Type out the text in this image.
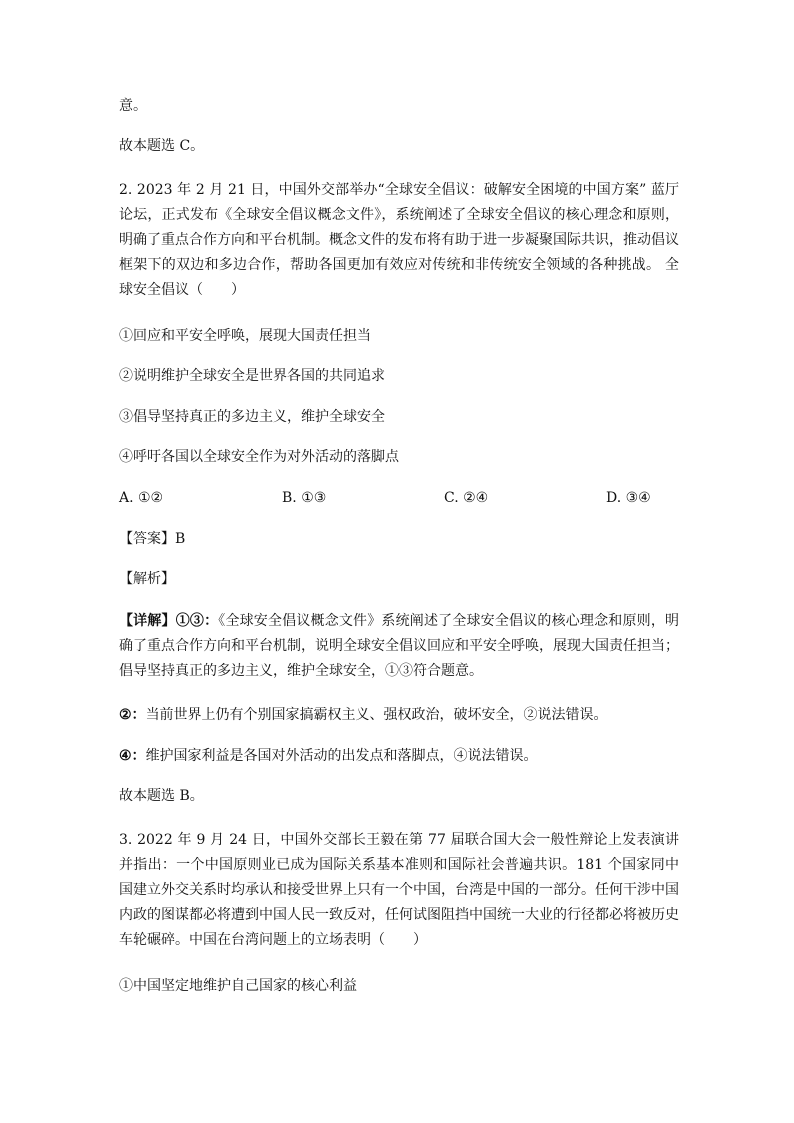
意。
故本题选 C。
2. 2023 年 2 月 21 日，中国外交部举办“全球安全倡议：破解安全困境的中国方案” 蓝厅论坛，正式发布《全球安全倡议概念文件》，系统阐述了全球安全倡议的核心理念和原则，明确了重点合作方向和平台机制。概念文件的发布将有助于进一步凝聚国际共识，推动倡议框架下的双边和多边合作，帮助各国更加有效应对传统和非传统安全领域的各种挑战。 全球安全倡议（　　）
①回应和平安全呼唤，展现大国责任担当
②说明维护全球安全是世界各国的共同追求
③倡导坚持真正的多边主义，维护全球安全
④呼吁各国以全球安全作为对外活动的落脚点
A. ①②	B. ①③	C. ②④	D. ③④
【答案】B
【解析】
【详解】①③：《全球安全倡议概念文件》系统阐述了全球安全倡议的核心理念和原则，明确了重点合作方向和平台机制，说明全球安全倡议回应和平安全呼唤，展现大国责任担当；倡导坚持真正的多边主义，维护全球安全，①③符合题意。
②：当前世界上仍有个别国家搞霸权主义、强权政治，破坏安全，②说法错误。
④：维护国家利益是各国对外活动的出发点和落脚点，④说法错误。
故本题选 B。
3. 2022 年 9 月 24 日，中国外交部长王毅在第 77 届联合国大会一般性辩论上发表演讲并指出：一个中国原则业已成为国际关系基本准则和国际社会普遍共识。181 个国家同中国建立外交关系时均承认和接受世界上只有一个中国，台湾是中国的一部分。任何干涉中国内政的图谋都必将遭到中国人民一致反对，任何试图阻挡中国统一大业的行径都必将被历史车轮碾碎。中国在台湾问题上的立场表明（　　）
①中国坚定地维护自己国家的核心利益
